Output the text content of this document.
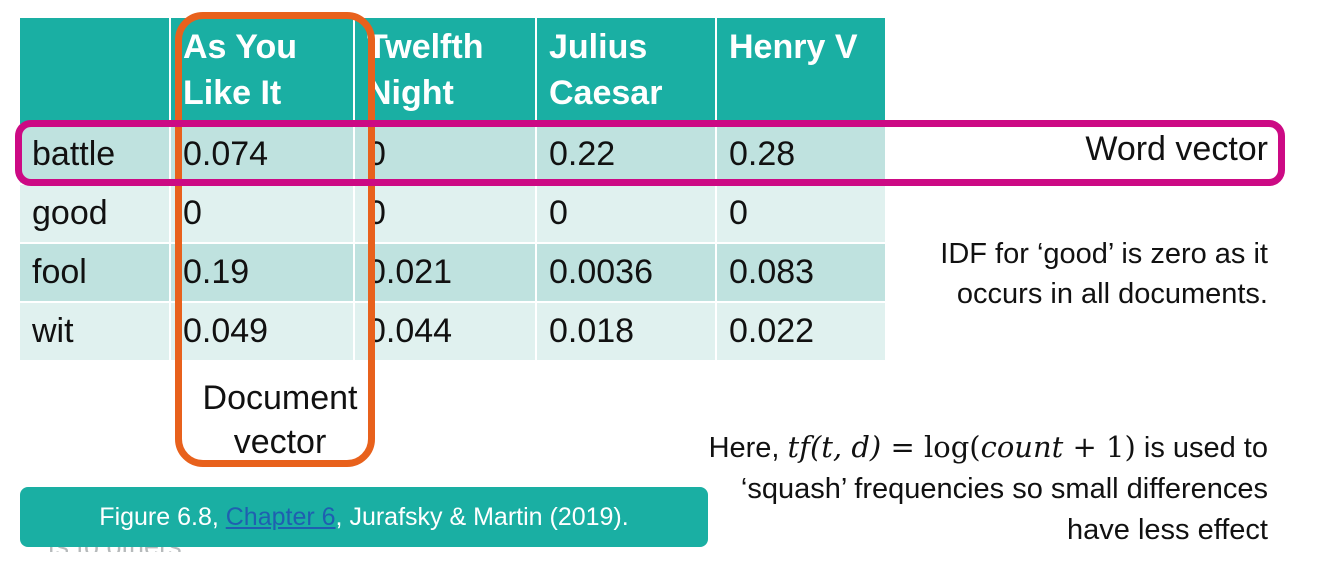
	As You Like It	Twelfth Night	Julius Caesar	Henry V
battle	0.074	0	0.22	0.28
good	0	0	0	0
fool	0.19	0.021	0.0036	0.083
wit	0.049	0.044	0.018	0.022
Word vector
Document
vector
IDF for ‘good’ is zero as it occurs in all documents.
Here, tf(t, d) = log(count + 1) is used to ‘squash’ frequencies so small differences have less effect
Figure 6.8, Chapter 6, Jurafsky & Martin (2019).
